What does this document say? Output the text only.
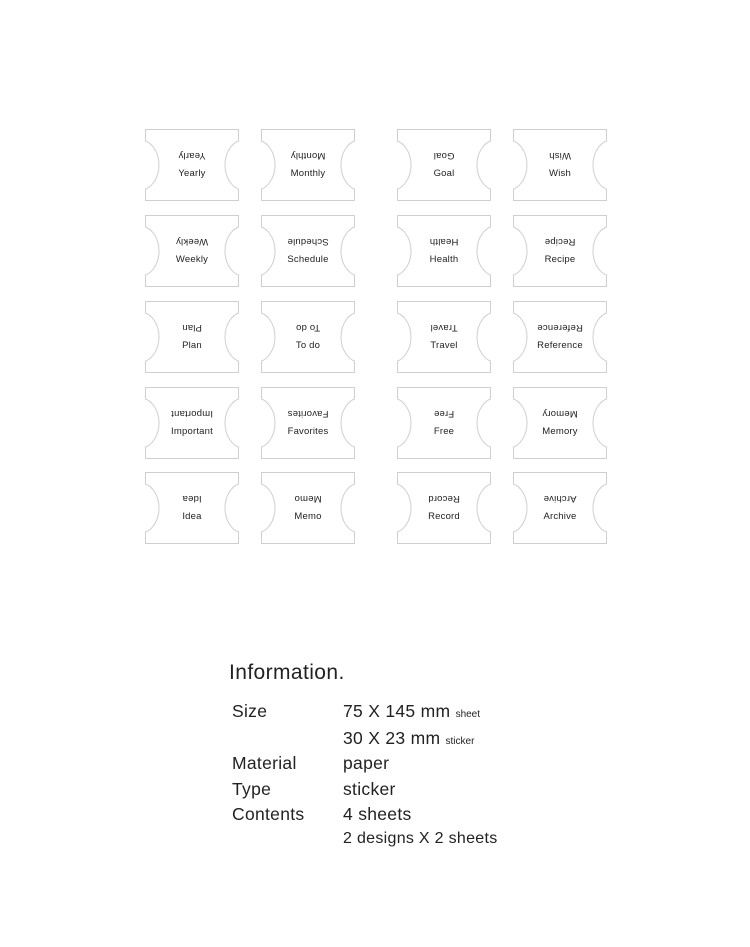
Yearly
Yearly
Monthly
Monthly
Goal
Goal
Wish
Wish
Weekly
Weekly
Schedule
Schedule
Health
Health
Recipe
Recipe
Plan
Plan
To do
To do
Travel
Travel
Reference
Reference
Important
Important
Favorites
Favorites
Free
Free
Memory
Memory
Idea
Idea
Memo
Memo
Record
Record
Archive
Archive
Information.
Size	75 X 145 mm sheet
30 X 23 mm sticker
Material	paper
Type	sticker
Contents 4 sheets
2 designs X 2 sheets
